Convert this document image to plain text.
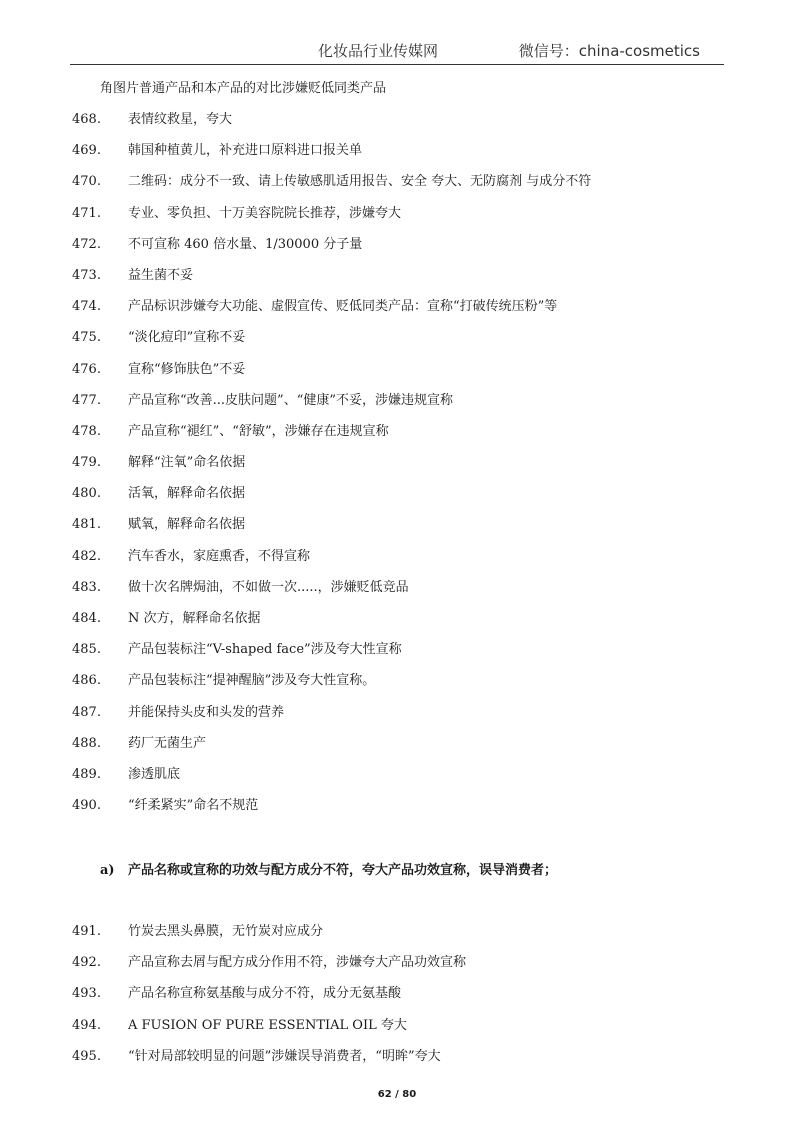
化妆品行业传媒网	微信号：china-cosmetics
角图片普通产品和本产品的对比涉嫌贬低同类产品
468. 表情纹救星，夸大
469. 韩国种植黄儿，补充进口原料进口报关单
470. 二维码：成分不一致、请上传敏感肌适用报告、安全 夸大、无防腐剂 与成分不符
471. 专业、零负担、十万美容院院长推荐，涉嫌夸大
472. 不可宣称 460 倍水量、1/30000 分子量
473. 益生菌不妥
474. 产品标识涉嫌夸大功能、虚假宣传、贬低同类产品：宣称“打破传统压粉”等
475. “淡化痘印”宣称不妥
476. 宣称“修饰肤色”不妥
477. 产品宣称“改善...皮肤问题”、“健康”不妥，涉嫌违规宣称
478. 产品宣称“褪红”、“舒敏”，涉嫌存在违规宣称
479. 解释“注氧”命名依据
480. 活氧，解释命名依据
481. 赋氧，解释命名依据
482. 汽车香水，家庭熏香，不得宣称
483. 做十次名牌焗油，不如做一次.....，涉嫌贬低竞品
484. N 次方，解释命名依据
485. 产品包装标注“V-shaped face”涉及夸大性宣称
486. 产品包装标注“提神醒脑”涉及夸大性宣称。
487. 并能保持头皮和头发的营养
488. 药厂无菌生产
489. 渗透肌底
490. “纤柔紧实”命名不规范
a) 产品名称或宣称的功效与配方成分不符，夸大产品功效宣称，误导消费者；
491. 竹炭去黑头鼻膜，无竹炭对应成分
492. 产品宣称去屑与配方成分作用不符，涉嫌夸大产品功效宣称
493. 产品名称宣称氨基酸与成分不符，成分无氨基酸
494. A FUSION OF PURE ESSENTIAL OIL 夸大
495. “针对局部较明显的问题”涉嫌误导消费者，“明眸”夸大
62 / 80
